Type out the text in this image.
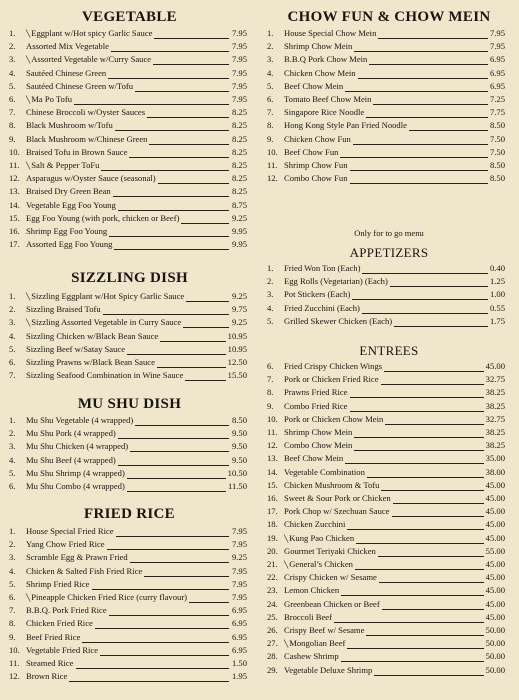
VEGETABLE
1.	╲Eggplant w/Hot spicy Garlic Sauce	7.95
2.	Assorted Mix Vegetable	7.95
3.	╲Assorted Vegetable w/Curry Sauce	7.95
4.	Sautéed Chinese Green	7.95
5.	Sautéed Chinese Green w/Tofu	7.95
6.	╲Ma Po Tofu	7.95
7.	Chinese Broccoli w/Oyster Sauces	8.25
8.	Black Mushroom w/Tofu	8.25
9.	Black Mushroom w/Chinese Green	8.25
10. Braised Tofu in Brown Sauce	8.25
11. ╲Salt & Pepper ToFu	8.25
12. Asparagus w/Oyster Sauce (seasonal)	8.25
13. Braised Dry Green Bean	8.25
14. Vegetable Egg Foo Young	8.75
15. Egg Foo Young (with pork, chicken or Beef)	9.25
16. Shrimp Egg Foo Young	9.95
17. Assorted Egg Foo Young	9.95
SIZZLING DISH
1.	╲Sizzling Eggplant w/Hot Spicy Garlic Sauce	9.25
2.	Sizzling Braised Tofu	9.75
3.	╲Sizzling Assorted Vegetable in Curry Sauce	9.25
4.	Sizzling Chicken w/Black Bean Sauce	10.95
5.	Sizzling Beef w/Satay Sauce	10.95
6.	Sizzling Prawns w/Black Bean Sauce	12.50
7.	Sizzling Seafood Combination in Wine Sauce	15.50
MU SHU DISH
1.	Mu Shu Vegetable (4 wrapped)	8.50
2.	Mu Shu Pork (4 wrapped)	9.50
3.	Mu Shu Chicken (4 wrapped)	9.50
4.	Mu Shu Beef (4 wrapped)	9.50
5.	Mu Shu Shrimp (4 wrapped)	10.50
6.	Mu Shu Combo (4 wrapped)	11.50
FRIED RICE
1.	House Special Fried Rice	7.95
2.	Yang Chow Fried Rice	7.95
3.	Scramble Egg & Prawn Fried	9.25
4.	Chicken & Salted Fish Fried Rice	7.95
5.	Shrimp Fried Rice	7.95
6.	╲Pineapple Chicken Fried Rice (curry flavour)	7.95
7.	B.B.Q. Pork Fried Rice	6.95
8.	Chicken Fried Rice	6.95
9.	Beef Fried Rice	6.95
10. Vegetable Fried Rice	6.95
11. Steamed Rice	1.50
12. Brown Rice	1.95
CHOW FUN & CHOW MEIN
1.	House Special Chow Mein	7.95
2.	Shrimp Chow Mein	7.95
3.	B.B.Q Pork Chow Mein	6.95
4.	Chicken Chow Mein	6.95
5.	Beef Chow Mein	6.95
6.	Tomato Beef Chow Mein	7.25
7.	Singapore Rice Noodle	7.75
8.	Hong Kong Style Pan Fried Noodle	8.50
9.	Chicken Chow Fun	7.50
10. Beef Chow Fun	7.50
11. Shrimp Chow Fun	8.50
12. Combo Chow Fun	8.50
Only for to go menu
APPETIZERS
1.	Fried Won Ton (Each)	0.40
2.	Egg Rolls (Vegetarian) (Each)	1.25
3.	Pot Stickers (Each)	1.00
4.	Fried Zucchini (Each)	0.55
5.	Grilled Skewer Chicken (Each)	1.75
ENTREES
6.	Fried Crispy Chicken Wings	45.00
7.	Pork or Chicken Fried Rice	32.75
8.	Prawns Fried Rice	38.25
9.	Combo Fried Rice	38.25
10. Pork or Chicken Chow Mein	32.75
11. Shrimp Chow Mein	38.25
12. Combo Chow Mein	38.25
13. Beef Chow Mein	35.00
14. Vegetable Combination	38.00
15. Chicken Mushroom & Tofu	45.00
16. Sweet & Sour Pork or Chicken	45.00
17. Pork Chop w/ Szechuan Sauce	45.00
18. Chicken Zucchini	45.00
19. ╲Kung Pao Chicken	45.00
20. Gourmet Teriyaki Chicken	55.00
21. ╲General’s Chicken	45.00
22. Crispy Chicken w/ Sesame	45.00
23. Lemon Chicken	45.00
24. Greenbean Chicken or Beef	45.00
25. Broccoli Beef	45.00
26. Crispy Beef w/ Sesame	50.00
27. ╲Mongolian Beef	50.00
28. Cashew Shrimp	50.00
29. Vegetable Deluxe Shrimp	50.00
